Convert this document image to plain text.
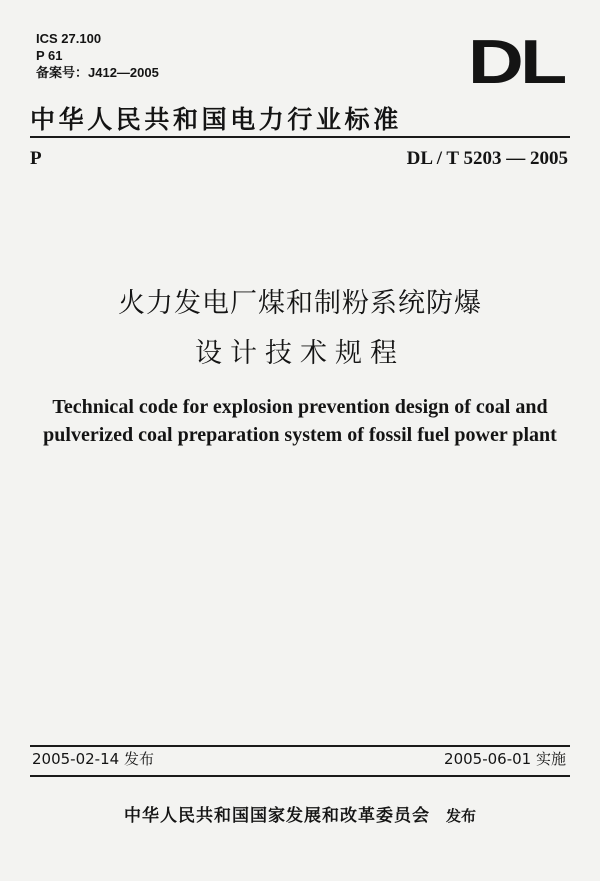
ICS 27.100
P 61
备案号：J412—2005	DL
中华人民共和国电力行业标准
P	DL / T 5203 — 2005
火力发电厂煤和制粉系统防爆
设计技术规程
Technical code for explosion prevention design of coal and
pulverized coal preparation system of fossil fuel power plant
2005-02-14 发布	2005-06-01 实施
中华人民共和国国家发展和改革委员会 发布
